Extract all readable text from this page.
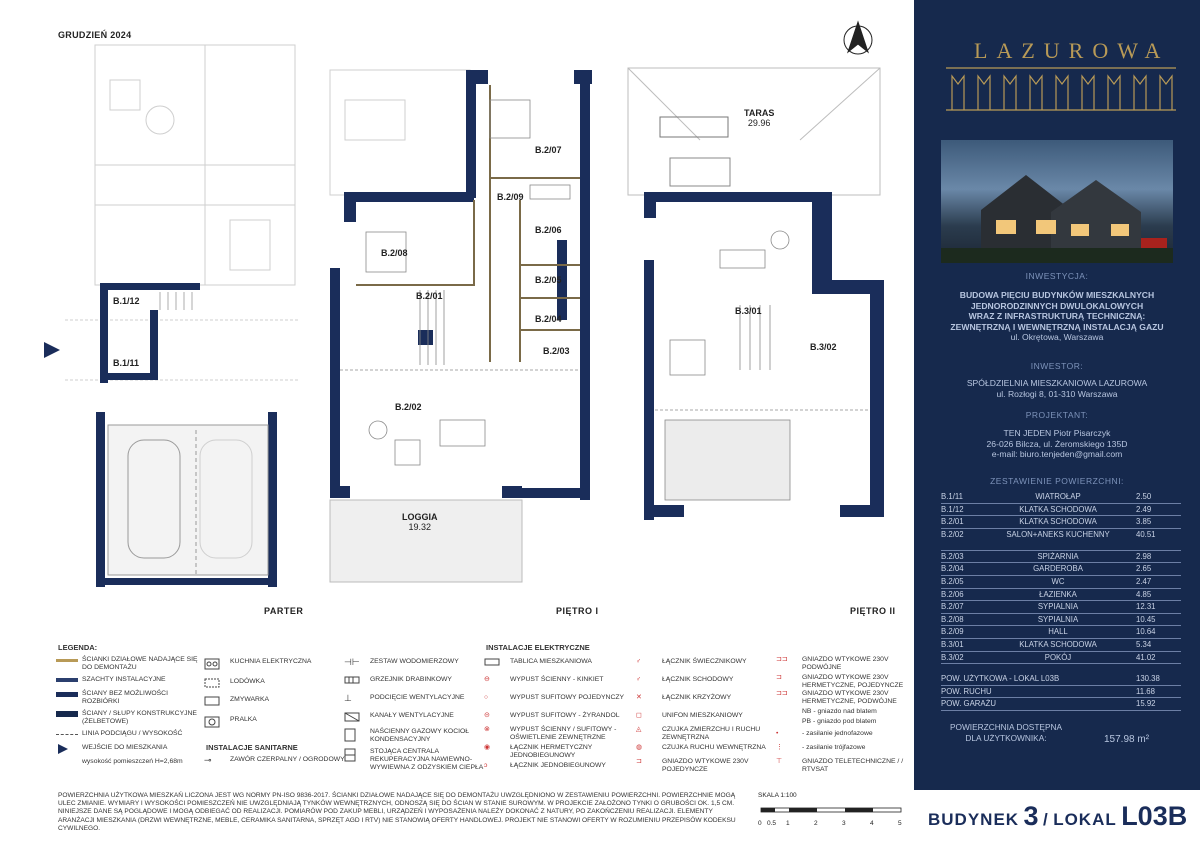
GRUDZIEŃ 2024
PARTER	PIĘTRO I	PIĘTRO II
B.1/12
B.1/11
B.2/07
B.2/09
B.2/06
B.2/08
B.2/05
B.2/01
B.2/04
B.2/03
B.2/02
LOGGIA
19.32
TARAS
29.96
B.3/01
B.3/02
LEGENDA:	INSTALACJE ELEKTRYCZNE
INSTALACJE SANITARNE
ŚCIANKI DZIAŁOWE NADAJĄCE SIĘ DO DEMONTAŻU
SZACHTY INSTALACYJNE
ŚCIANY BEZ MOŻLIWOŚCI ROZBIÓRKI
ŚCIANY / SŁUPY KONSTRUKCYJNE (ŻELBETOWE)
LINIA PODCIĄGU / WYSOKOŚĆ
WEJŚCIE DO MIESZKANIA
wysokość pomieszczeń H=2,68m
KUCHNIA ELEKTRYCZNA
LODÓWKA
ZMYWARKA
PRALKA
⊸	ZAWÓR CZERPALNY / OGRODOWY
⊣⊢	ZESTAW WODOMIERZOWY
GRZEJNIK DRABINKOWY
⊥	PODCIĘCIE WENTYLACYJNE
KANAŁY WENTYLACYJNE
NAŚCIENNY GAZOWY KOCIOŁ KONDENSACYJNY
STOJĄCA CENTRALA REKUPERACYJNA NAWIEWNO-WYWIEWNA Z ODZYSKIEM CIEPŁA
TABLICA MIESZKANIOWA
⊖	WYPUST ŚCIENNY - KINKIET
○	WYPUST SUFITOWY POJEDYNCZY
⊝	WYPUST SUFITOWY - ŻYRANDOL
⊗	WYPUST ŚCIENNY / SUFITOWY - OŚWIETLENIE ZEWNĘTRZNE
◉	ŁĄCZNIK HERMETYCZNY JEDNOBIEGUNOWY
ↄ	ŁĄCZNIK JEDNOBIEGUNOWY
♂	ŁĄCZNIK ŚWIECZNIKOWY
♂	ŁĄCZNIK SCHODOWY
✕	ŁĄCZNIK KRZYŻOWY
◻	UNIFON MIESZKANIOWY
◬	CZUJKA ZMIERZCHU I RUCHU ZEWNĘTRZNA
◍	CZUJKA RUCHU WEWNĘTRZNA
⊐	GNIAZDO WTYKOWE 230V POJEDYNCZE
⊐⊐	GNIAZDO WTYKOWE 230V PODWÓJNE
⊐	GNIAZDO WTYKOWE 230V HERMETYCZNE, POJEDYNCZE
⊐⊐	GNIAZDO WTYKOWE 230V HERMETYCZNE, PODWÓJNE
NB - gniazdo nad blatem
PB - gniazdo pod blatem
•	- zasilanie jednofazowe
⋮	- zasilanie trójfazowe
⊤	GNIAZDO TELETECHNICZNE / / RTVSAT
POWIERZCHNIA UŻYTKOWA MIESZKAŃ LICZONA JEST WG NORMY PN-ISO 9836-2017. ŚCIANKI DZIAŁOWE NADAJĄCE SIĘ DO DEMONTAŻU UWZGLĘDNIONO W ZESTAWIENIU POWIERZCHNI. POWIERZCHNIE MOGĄ ULEC ZMIANIE. WYMIARY I WYSOKOŚCI POMIESZCZEŃ NIE UWZGLĘDNIAJĄ TYNKÓW WEWNĘTRZNYCH, ODNOSZĄ SIĘ DO ŚCIAN W STANIE SUROWYM. W PROJEKCIE ZAŁOŻONO TYNKI O GRUBOŚCI OK. 1,5 CM. NINIEJSZE DANE SĄ POGLĄDOWE I MOGĄ ODBIEGAĆ OD REALIZACJI. POMIARÓW POD ZAKUP MEBLI, URZĄDZEŃ I WYPOSAŻENIA NALEŻY DOKONAĆ Z NATURY, PO ZAKOŃCZENIU REALIZACJI. ELEMENTY ARANŻACJI MIESZKANIA (DRZWI WEWNĘTRZNE, MEBLE, CERAMIKA SANITARNA, SPRZĘT AGD I RTV) NIE STANOWIĄ OFERTY HANDLOWEJ. PROJEKT NIE STANOWI OFERTY W ROZUMIENIU PRZEPISÓW KODEKSU CYWILNEGO.
SKALA 1:100
0 0.5 1	2	3	4	5 BUDYNEK 3 / LOKAL L03B
LAZUROWA
INWESTYCJA:
BUDOWA PIĘCIU BUDYNKÓW MIESZKALNYCH
JEDNORODZINNYCH DWULOKALOWYCH
WRAZ Z INFRASTRUKTURĄ TECHNICZNĄ:
ZEWNĘTRZNĄ I WEWNĘTRZNĄ INSTALACJĄ GAZU
ul. Okrętowa, Warszawa
INWESTOR:
SPÓŁDZIELNIA MIESZKANIOWA LAZUROWA
ul. Rozłogi 8, 01-310 Warszawa
PROJEKTANT:
TEN JEDEN Piotr Pisarczyk
26-026 Bilcza, ul. Żeromskiego 135D
e-mail: biuro.tenjeden@gmail.com
ZESTAWIENIE POWIERZCHNI:
B.1/11	WIATROŁAP	2.50
B.1/12	KLATKA SCHODOWA	2.49
B.2/01	KLATKA SCHODOWA	3.85
B.2/02	SALON+ANEKS KUCHENNY	40.51
B.2/03	SPIŻARNIA	2.98
B.2/04	GARDEROBA	2.65
B.2/05	WC	2.47
B.2/06	ŁAZIENKA	4.85
B.2/07	SYPIALNIA	12.31
B.2/08	SYPIALNIA	10.45
B.2/09	HALL	10.64
B.3/01	KLATKA SCHODOWA	5.34
B.3/02	POKÓJ	41.02
POW. UŻYTKOWA - LOKAL L03B	130.38
POW. RUCHU	11.68
POW. GARAŻU	15.92
POWIERZCHNIA DOSTĘPNA DLA UŻYTKOWNIKA:	157.98 m²
